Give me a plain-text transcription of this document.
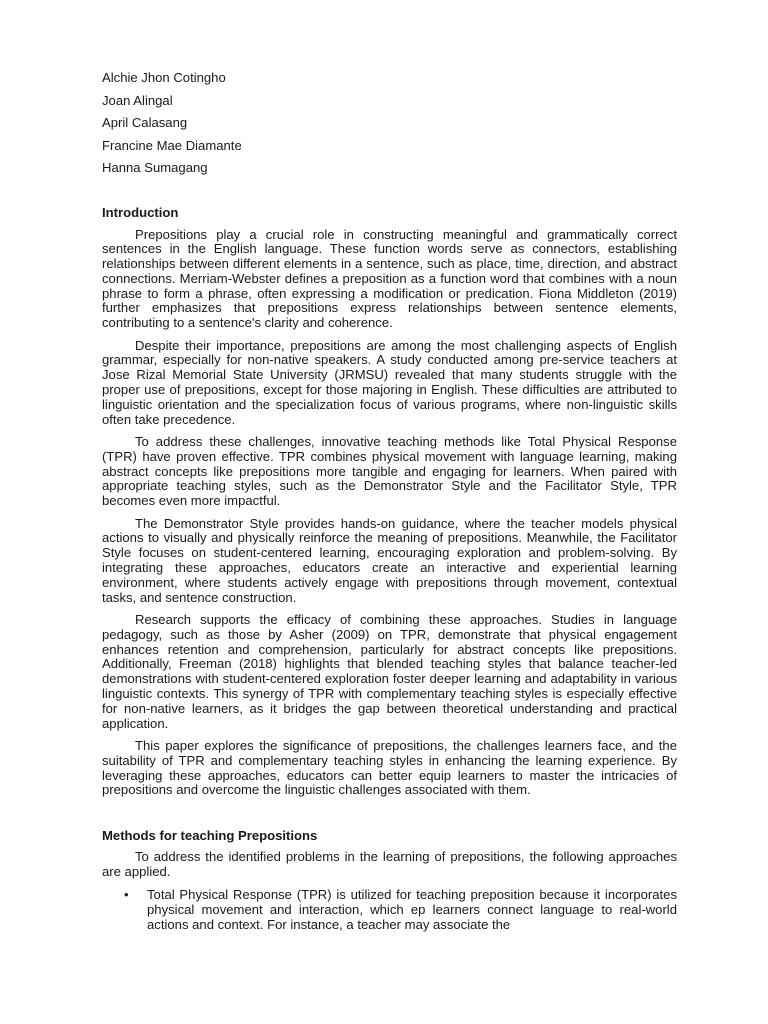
Alchie Jhon Cotingho
Joan Alingal
April Calasang
Francine Mae Diamante
Hanna Sumagang
Introduction

Prepositions play a crucial role in constructing meaningful and grammatically correct sentences in the English language. These function words serve as connectors, establishing relationships between different elements in a sentence, such as place, time, direction, and abstract connections. Merriam-Webster defines a preposition as a function word that combines with a noun phrase to form a phrase, often expressing a modification or predication. Fiona Middleton (2019) further emphasizes that prepositions express relationships between sentence elements, contributing to a sentence's clarity and coherence.

Despite their importance, prepositions are among the most challenging aspects of English grammar, especially for non-native speakers. A study conducted among pre-service teachers at Jose Rizal Memorial State University (JRMSU) revealed that many students struggle with the proper use of prepositions, except for those majoring in English. These difficulties are attributed to linguistic orientation and the specialization focus of various programs, where non-linguistic skills often take precedence.

To address these challenges, innovative teaching methods like Total Physical Response (TPR) have proven effective. TPR combines physical movement with language learning, making abstract concepts like prepositions more tangible and engaging for learners. When paired with appropriate teaching styles, such as the Demonstrator Style and the Facilitator Style, TPR becomes even more impactful.

The Demonstrator Style provides hands-on guidance, where the teacher models physical actions to visually and physically reinforce the meaning of prepositions. Meanwhile, the Facilitator Style focuses on student-centered learning, encouraging exploration and problem-solving. By integrating these approaches, educators create an interactive and experiential learning environment, where students actively engage with prepositions through movement, contextual tasks, and sentence construction.

Research supports the efficacy of combining these approaches. Studies in language pedagogy, such as those by Asher (2009) on TPR, demonstrate that physical engagement enhances retention and comprehension, particularly for abstract concepts like prepositions. Additionally, Freeman (2018) highlights that blended teaching styles that balance teacher-led demonstrations with student-centered exploration foster deeper learning and adaptability in various linguistic contexts. This synergy of TPR with complementary teaching styles is especially effective for non-native learners, as it bridges the gap between theoretical understanding and practical application.

This paper explores the significance of prepositions, the challenges learners face, and the suitability of TPR and complementary teaching styles in enhancing the learning experience. By leveraging these approaches, educators can better equip learners to master the intricacies of prepositions and overcome the linguistic challenges associated with them.

Methods for teaching Prepositions

To address the identified problems in the learning of prepositions, the following approaches are applied.

• Total Physical Response (TPR) is utilized for teaching preposition because it incorporates physical movement and interaction, which ep learners connect language to real-world actions and context. For instance, a teacher may associate the
